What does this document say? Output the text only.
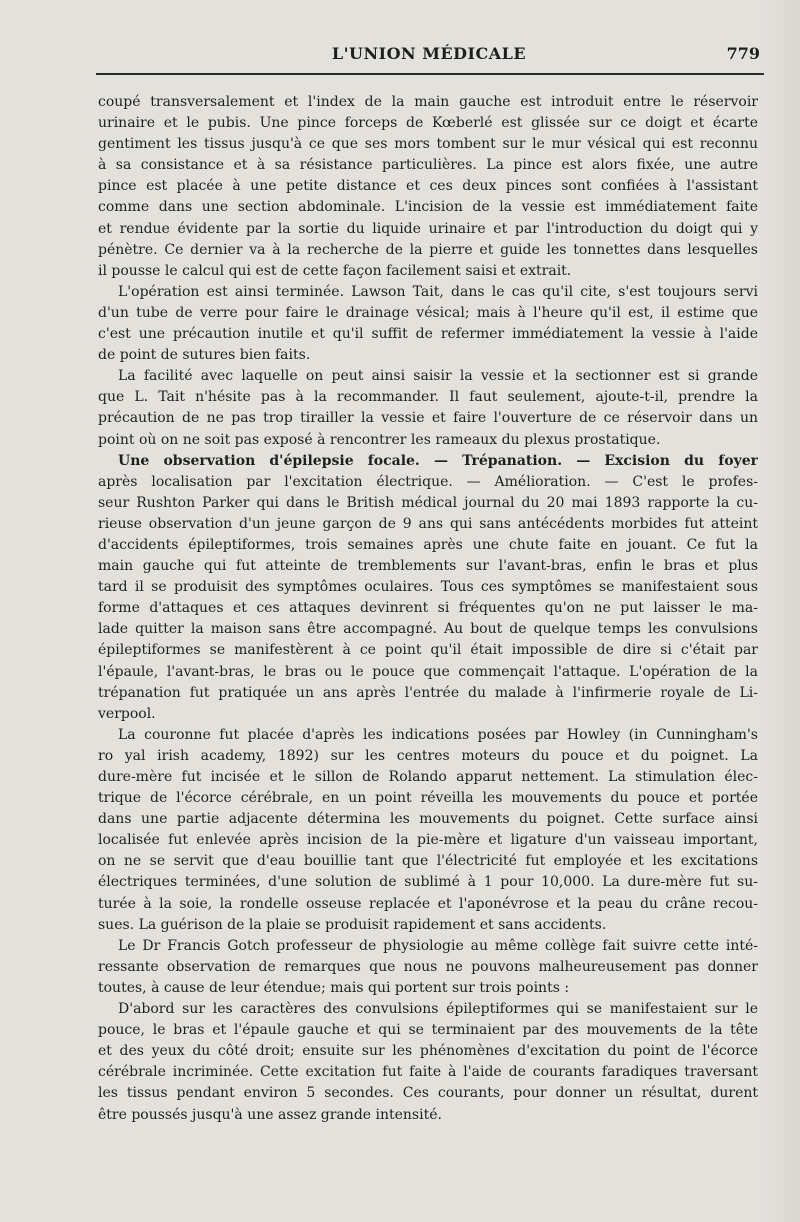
L'UNION MÉDICALE	779
coupé transversalement et l'index de la main gauche est introduit entre le réservoir
urinaire et le pubis. Une pince forceps de Kœberlé est glissée sur ce doigt et écarte
gentiment les tissus jusqu'à ce que ses mors tombent sur le mur vésical qui est reconnu
à sa consistance et à sa résistance particulières. La pince est alors fixée, une autre
pince est placée à une petite distance et ces deux pinces sont confiées à l'assistant
comme dans une section abdominale. L'incision de la vessie est immédiatement faite
et rendue évidente par la sortie du liquide urinaire et par l'introduction du doigt qui y
pénètre. Ce dernier va à la recherche de la pierre et guide les tonnettes dans lesquelles
il pousse le calcul qui est de cette façon facilement saisi et extrait.
L'opération est ainsi terminée. Lawson Tait, dans le cas qu'il cite, s'est toujours servi
d'un tube de verre pour faire le drainage vésical; mais à l'heure qu'il est, il estime que
c'est une précaution inutile et qu'il suffit de refermer immédiatement la vessie à l'aide
de point de sutures bien faits.
La facilité avec laquelle on peut ainsi saisir la vessie et la sectionner est si grande
que L. Tait n'hésite pas à la recommander. Il faut seulement, ajoute-t-il, prendre la
précaution de ne pas trop tirailler la vessie et faire l'ouverture de ce réservoir dans un
point où on ne soit pas exposé à rencontrer les rameaux du plexus prostatique.
Une observation d'épilepsie focale. — Trépanation. — Excision du foyer
après localisation par l'excitation électrique. — Amélioration. — C'est le profes-
seur Rushton Parker qui dans le British médical journal du 20 mai 1893 rapporte la cu-
rieuse observation d'un jeune garçon de 9 ans qui sans antécédents morbides fut atteint
d'accidents épileptiformes, trois semaines après une chute faite en jouant. Ce fut la
main gauche qui fut atteinte de tremblements sur l'avant-bras, enfin le bras et plus
tard il se produisit des symptômes oculaires. Tous ces symptômes se manifestaient sous
forme d'attaques et ces attaques devinrent si fréquentes qu'on ne put laisser le ma-
lade quitter la maison sans être accompagné. Au bout de quelque temps les convulsions
épileptiformes se manifestèrent à ce point qu'il était impossible de dire si c'était par
l'épaule, l'avant-bras, le bras ou le pouce que commençait l'attaque. L'opération de la
trépanation fut pratiquée un ans après l'entrée du malade à l'infirmerie royale de Li-
verpool.
La couronne fut placée d'après les indications posées par Howley (in Cunningham's
ro yal irish academy, 1892) sur les centres moteurs du pouce et du poignet. La
dure-mère fut incisée et le sillon de Rolando apparut nettement. La stimulation élec-
trique de l'écorce cérébrale, en un point réveilla les mouvements du pouce et portée
dans une partie adjacente détermina les mouvements du poignet. Cette surface ainsi
localisée fut enlevée après incision de la pie-mère et ligature d'un vaisseau important,
on ne se servit que d'eau bouillie tant que l'électricité fut employée et les excitations
électriques terminées, d'une solution de sublimé à 1 pour 10,000. La dure-mère fut su-
turée à la soie, la rondelle osseuse replacée et l'aponévrose et la peau du crâne recou-
sues. La guérison de la plaie se produisit rapidement et sans accidents.
Le Dr Francis Gotch professeur de physiologie au même collège fait suivre cette inté-
ressante observation de remarques que nous ne pouvons malheureusement pas donner
toutes, à cause de leur étendue; mais qui portent sur trois points :
D'abord sur les caractères des convulsions épileptiformes qui se manifestaient sur le
pouce, le bras et l'épaule gauche et qui se terminaient par des mouvements de la tête
et des yeux du côté droit; ensuite sur les phénomènes d'excitation du point de l'écorce
cérébrale incriminée. Cette excitation fut faite à l'aide de courants faradiques traversant
les tissus pendant environ 5 secondes. Ces courants, pour donner un résultat, durent
être poussés jusqu'à une assez grande intensité.
